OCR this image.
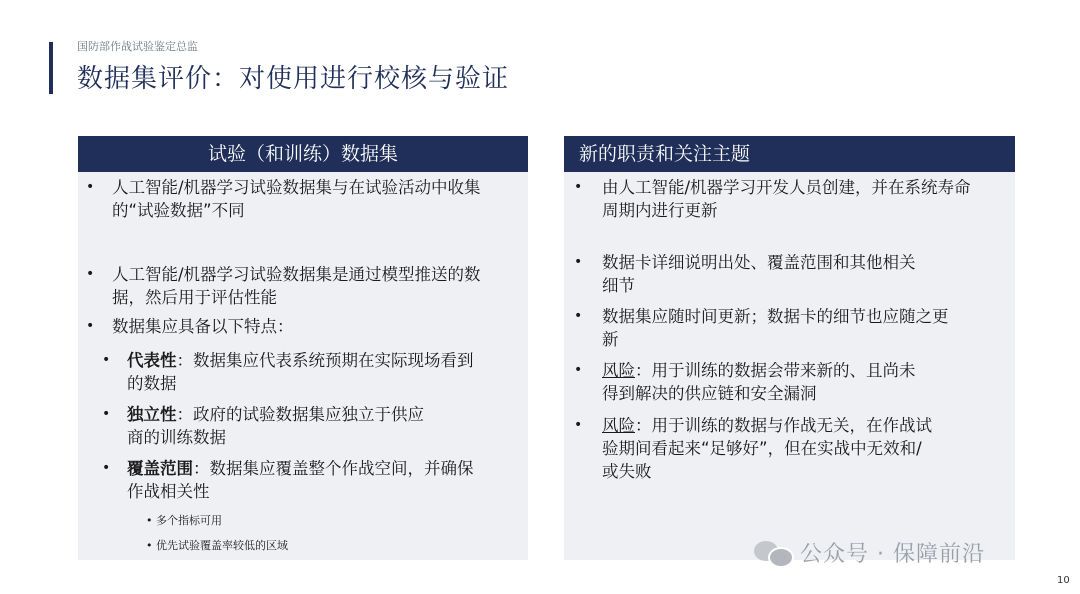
国防部作战试验鉴定总监
数据集评价：对使用进行校核与验证
试验（和训练）数据集
• 人工智能/机器学习试验数据集与在试验活动中收集
的“试验数据”不同
• 人工智能/机器学习试验数据集是通过模型推送的数
据，然后用于评估性能
• 数据集应具备以下特点：
• 代表性：数据集应代表系统预期在实际现场看到
的数据
• 独立性：政府的试验数据集应独立于供应
商的训练数据
• 覆盖范围：数据集应覆盖整个作战空间，并确保
作战相关性
• 多个指标可用
• 优先试验覆盖率较低的区域
新的职责和关注主题
• 由人工智能/机器学习开发人员创建，并在系统寿命
周期内进行更新
• 数据卡详细说明出处、覆盖范围和其他相关
细节
• 数据集应随时间更新；数据卡的细节也应随之更
新
• 风险：用于训练的数据会带来新的、且尚未
得到解决的供应链和安全漏洞
• 风险：用于训练的数据与作战无关，在作战试
验期间看起来“足够好”，但在实战中无效和/
或失败
公众号 · 保障前沿
10
